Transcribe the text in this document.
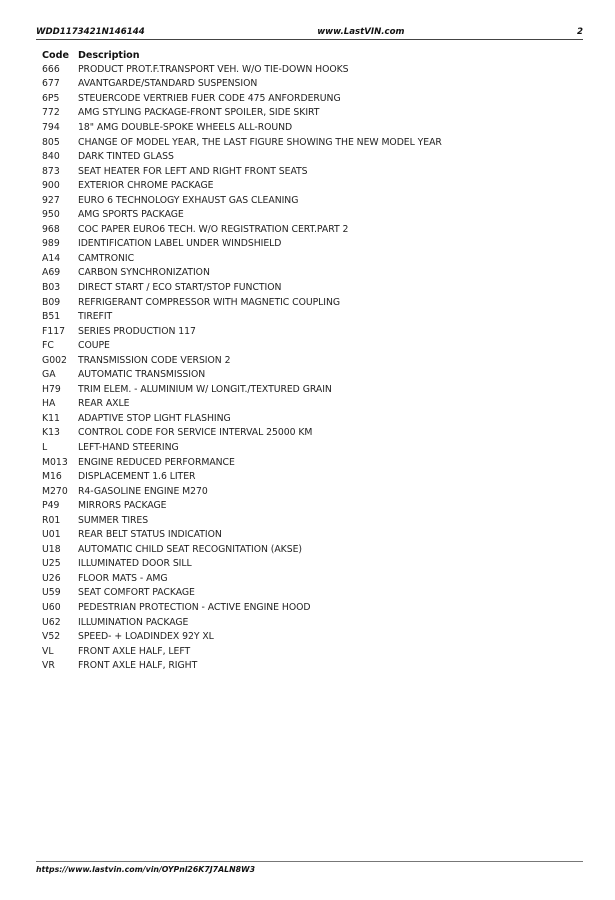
WDD1173421N146144	www.LastVIN.com	2
Code Description
666	PRODUCT PROT.F.TRANSPORT VEH. W/O TIE-DOWN HOOKS
677	AVANTGARDE/STANDARD SUSPENSION
6P5	STEUERCODE VERTRIEB FUER CODE 475 ANFORDERUNG
772	AMG STYLING PACKAGE-FRONT SPOILER, SIDE SKIRT
794	18" AMG DOUBLE-SPOKE WHEELS ALL-ROUND
805	CHANGE OF MODEL YEAR, THE LAST FIGURE SHOWING THE NEW MODEL YEAR
840	DARK TINTED GLASS
873	SEAT HEATER FOR LEFT AND RIGHT FRONT SEATS
900	EXTERIOR CHROME PACKAGE
927	EURO 6 TECHNOLOGY EXHAUST GAS CLEANING
950	AMG SPORTS PACKAGE
968	COC PAPER EURO6 TECH. W/O REGISTRATION CERT.PART 2
989	IDENTIFICATION LABEL UNDER WINDSHIELD
A14	CAMTRONIC
A69	CARBON SYNCHRONIZATION
B03	DIRECT START / ECO START/STOP FUNCTION
B09	REFRIGERANT COMPRESSOR WITH MAGNETIC COUPLING
B51	TIREFIT
F117	SERIES PRODUCTION 117
FC	COUPE
G002	TRANSMISSION CODE VERSION 2
GA	AUTOMATIC TRANSMISSION
H79	TRIM ELEM. - ALUMINIUM W/ LONGIT./TEXTURED GRAIN
HA	REAR AXLE
K11	ADAPTIVE STOP LIGHT FLASHING
K13	CONTROL CODE FOR SERVICE INTERVAL 25000 KM
L	LEFT-HAND STEERING
M013	ENGINE REDUCED PERFORMANCE
M16	DISPLACEMENT 1.6 LITER
M270	R4-GASOLINE ENGINE M270
P49	MIRRORS PACKAGE
R01	SUMMER TIRES
U01	REAR BELT STATUS INDICATION
U18	AUTOMATIC CHILD SEAT RECOGNITATION (AKSE)
U25	ILLUMINATED DOOR SILL
U26	FLOOR MATS - AMG
U59	SEAT COMFORT PACKAGE
U60	PEDESTRIAN PROTECTION - ACTIVE ENGINE HOOD
U62	ILLUMINATION PACKAGE
V52	SPEED- + LOADINDEX 92Y XL
VL	FRONT AXLE HALF, LEFT
VR	FRONT AXLE HALF, RIGHT
https://www.lastvin.com/vin/OYPnl26K7J7ALN8W3
